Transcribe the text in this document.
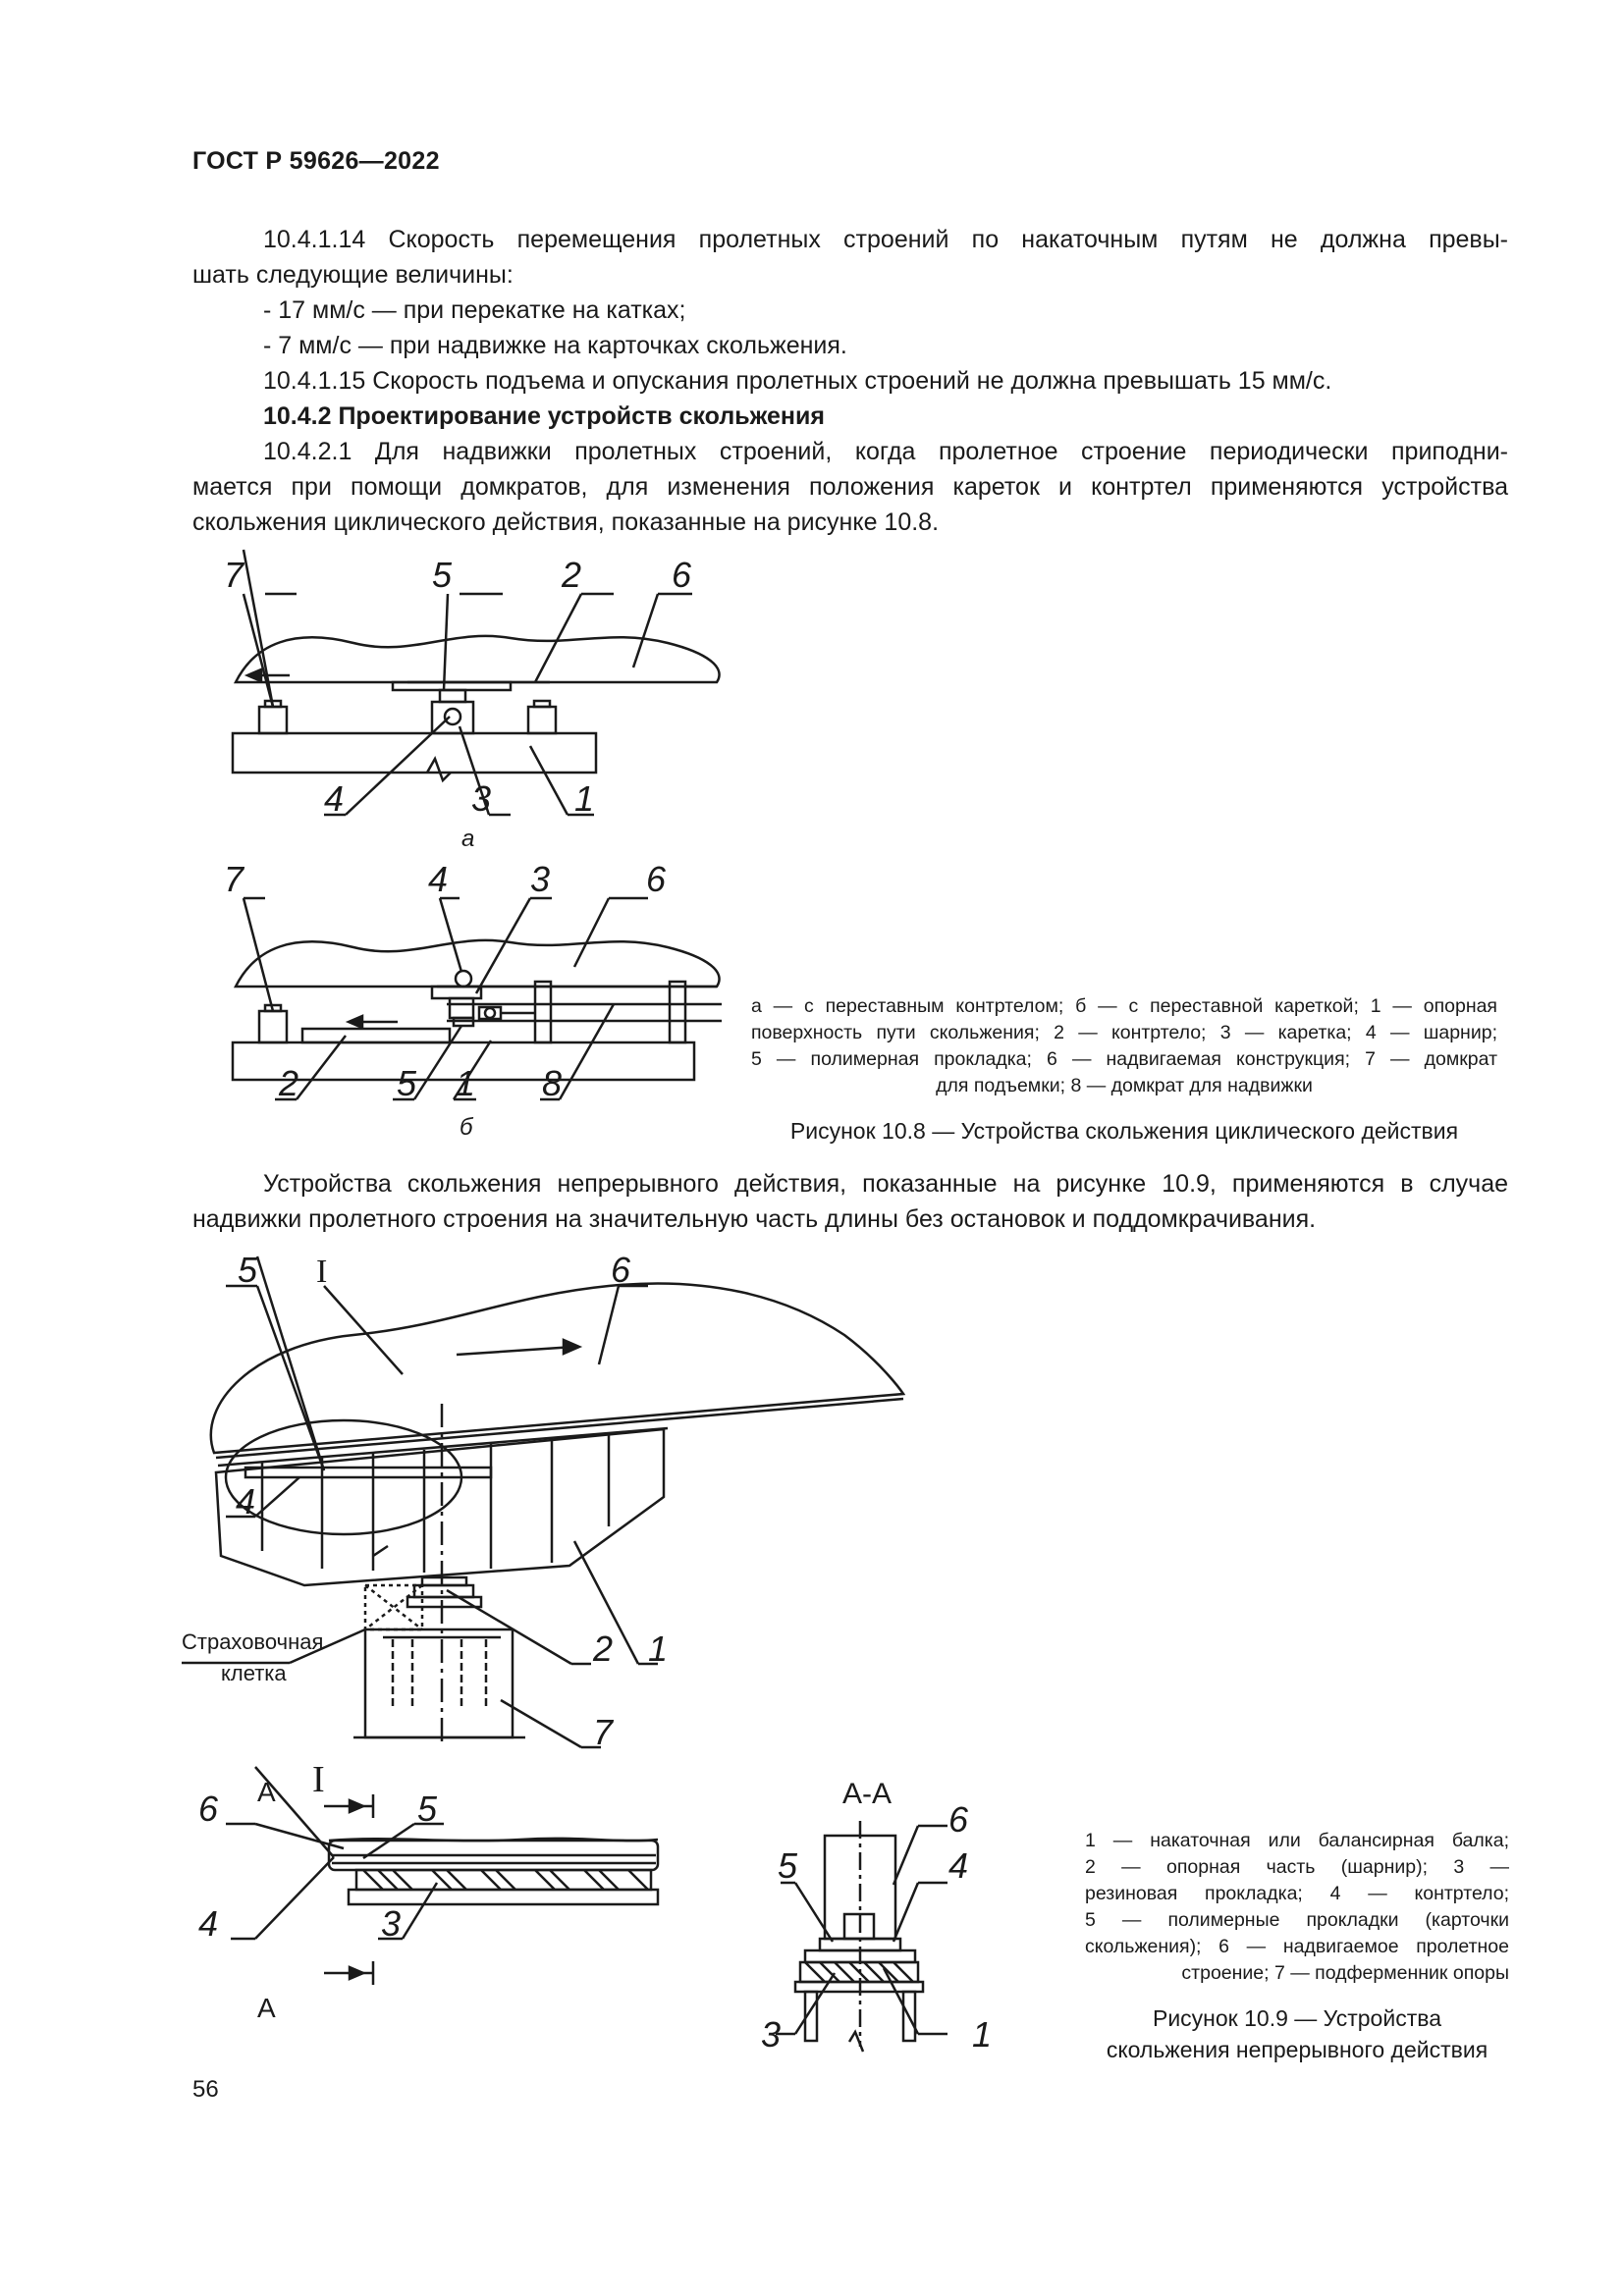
ГОСТ Р 59626—2022
10.4.1.14 Скорость перемещения пролетных строений по накаточным путям не должна превы-
шать следующие величины:
- 17 мм/с — при перекатке на катках;
- 7 мм/с — при надвижке на карточках скольжения.
10.4.1.15 Скорость подъема и опускания пролетных строений не должна превышать 15 мм/с.
10.4.2 Проектирование устройств скольжения
10.4.2.1 Для надвижки пролетных строений, когда пролетное строение периодически приподни-
мается при помощи домкратов, для изменения положения кареток и контртел применяются устройства
скольжения циклического действия, показанные на рисунке 10.8.
7	5	2	6
4	3 1
а
7	4 3	6
2	5 1 8
б
а — с переставным контртелом; б — с переставной кареткой; 1 — опорная
поверхность пути скольжения; 2 — контртело; 3 — каретка; 4 — шарнир;
5 — полимерная прокладка; 6 — надвигаемая конструкция; 7 — домкрат
для подъемки; 8 — домкрат для надвижки
Рисунок 10.8 — Устройства скольжения циклического действия
Устройства скольжения непрерывного действия, показанные на рисунке 10.9, применяются в случае
надвижки пролетного строения на значительную часть длины без остановок и поддомкрачивания.
5 I	6
4
2 1
7
Страховочная
клетка
I
А
А
6	5
4	3
А-А
6
5	4
3	1
1 — накаточная или балансирная балка;
2 — опорная часть (шарнир); 3 —
резиновая прокладка; 4 — контртело;
5 — полимерные прокладки (карточки
скольжения); 6 — надвигаемое пролетное
строение; 7 — подферменник опоры
Рисунок 10.9 — Устройства
скольжения непрерывного действия
56
